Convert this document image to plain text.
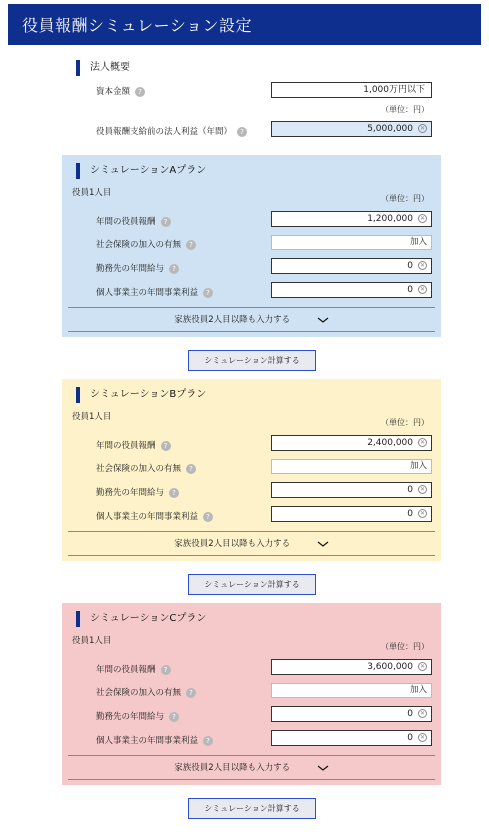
役員報酬シミュレーション設定
法人概要
資本金額 ?	1,000万円以下
（単位：円）
役員報酬支給前の法人利益（年間） ?	5,000,000 ✕
シミュレーションAプラン
役員1人目
（単位：円）
年間の役員報酬 ?	1,200,000 ✕
社会保険の加入の有無 ?	加入
勤務先の年間給与 ?	0 ✕
個人事業主の年間事業利益 ?	0 ✕
家族役員2人目以降も入力する
シミュレーション計算する
シミュレーションBプラン
役員1人目
（単位：円）
年間の役員報酬 ?	2,400,000 ✕
社会保険の加入の有無 ?	加入
勤務先の年間給与 ?	0 ✕
個人事業主の年間事業利益 ?	0 ✕
家族役員2人目以降も入力する
シミュレーション計算する
シミュレーションCプラン
役員1人目
（単位：円）
年間の役員報酬 ?	3,600,000 ✕
社会保険の加入の有無 ?	加入
勤務先の年間給与 ?	0 ✕
個人事業主の年間事業利益 ?	0 ✕
家族役員2人目以降も入力する
シミュレーション計算する
